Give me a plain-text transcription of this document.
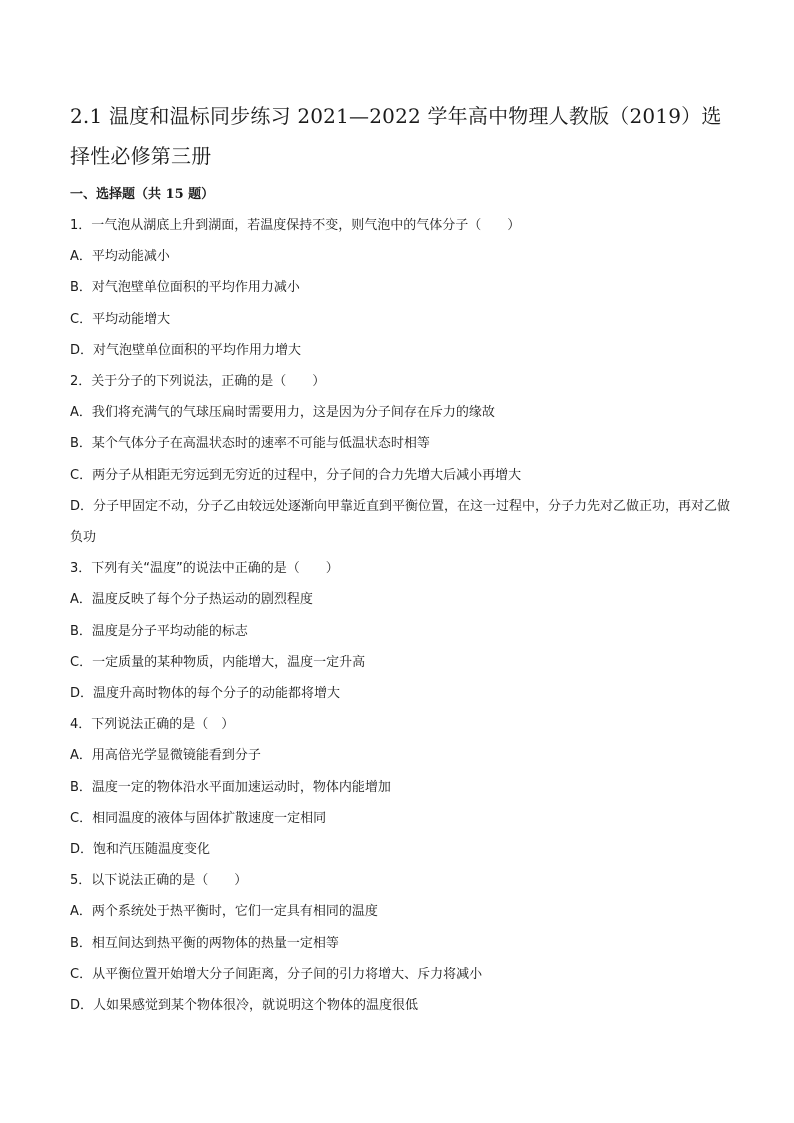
2.1 温度和温标同步练习 2021—2022 学年高中物理人教版（2019）选择性必修第三册

一、选择题（共 15 题）

1．一气泡从湖底上升到湖面，若温度保持不变，则气泡中的气体分子（　　）

A．平均动能减小

B．对气泡壁单位面积的平均作用力减小

C．平均动能增大

D．对气泡壁单位面积的平均作用力增大

2．关于分子的下列说法，正确的是（　　）

A．我们将充满气的气球压扁时需要用力，这是因为分子间存在斥力的缘故

B．某个气体分子在高温状态时的速率不可能与低温状态时相等

C．两分子从相距无穷远到无穷近的过程中，分子间的合力先增大后减小再增大

D．分子甲固定不动，分子乙由较远处逐渐向甲靠近直到平衡位置，在这一过程中，分子力先对乙做正功，再对乙做负功

3．下列有关“温度”的说法中正确的是（　　）

A．温度反映了每个分子热运动的剧烈程度

B．温度是分子平均动能的标志

C．一定质量的某种物质，内能增大，温度一定升高

D．温度升高时物体的每个分子的动能都将增大

4．下列说法正确的是（　）

A．用高倍光学显微镜能看到分子

B．温度一定的物体沿水平面加速运动时，物体内能增加

C．相同温度的液体与固体扩散速度一定相同

D．饱和汽压随温度变化

5．以下说法正确的是（　　）

A．两个系统处于热平衡时，它们一定具有相同的温度

B．相互间达到热平衡的两物体的热量一定相等

C．从平衡位置开始增大分子间距离，分子间的引力将增大、斥力将减小

D．人如果感觉到某个物体很冷，就说明这个物体的温度很低
